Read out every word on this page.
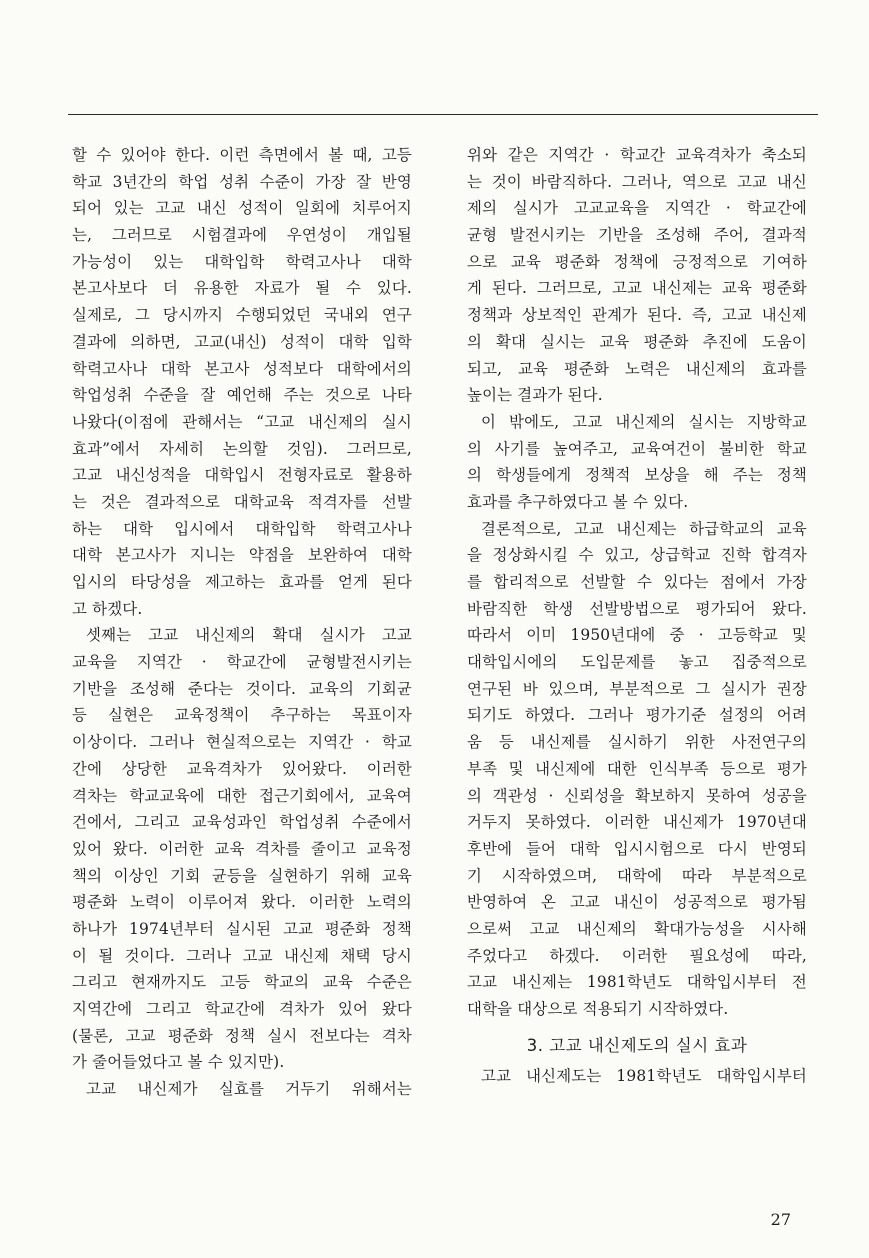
할 수 있어야 한다. 이런 측면에서 볼 때, 고등
학교 3년간의 학업 성취 수준이 가장 잘 반영
되어 있는 고교 내신 성적이 일회에 치루어지
는, 그러므로 시험결과에 우연성이 개입될
가능성이 있는 대학입학 학력고사나 대학
본고사보다 더 유용한 자료가 될 수 있다.
실제로, 그 당시까지 수행되었던 국내외 연구
결과에 의하면, 고교(내신) 성적이 대학 입학
학력고사나 대학 본고사 성적보다 대학에서의
학업성취 수준을 잘 예언해 주는 것으로 나타
나왔다(이점에 관해서는 “고교 내신제의 실시
효과”에서 자세히 논의할 것임). 그러므로,
고교 내신성적을 대학입시 전형자료로 활용하
는 것은 결과적으로 대학교육 적격자를 선발
하는 대학 입시에서 대학입학 학력고사나
대학 본고사가 지니는 약점을 보완하여 대학
입시의 타당성을 제고하는 효과를 얻게 된다
고 하겠다.
셋째는 고교 내신제의 확대 실시가 고교
교육을 지역간 · 학교간에 균형발전시키는
기반을 조성해 준다는 것이다. 교육의 기회균
등 실현은 교육정책이 추구하는 목표이자
이상이다. 그러나 현실적으로는 지역간 · 학교
간에 상당한 교육격차가 있어왔다. 이러한
격차는 학교교육에 대한 접근기회에서, 교육여
건에서, 그리고 교육성과인 학업성취 수준에서
있어 왔다. 이러한 교육 격차를 줄이고 교육정
책의 이상인 기회 균등을 실현하기 위해 교육
평준화 노력이 이루어져 왔다. 이러한 노력의
하나가 1974년부터 실시된 고교 평준화 정책
이 될 것이다. 그러나 고교 내신제 채택 당시
그리고 현재까지도 고등 학교의 교육 수준은
지역간에 그리고 학교간에 격차가 있어 왔다
(물론, 고교 평준화 정책 실시 전보다는 격차
가 줄어들었다고 볼 수 있지만).
고교 내신제가 실효를 거두기 위해서는
위와 같은 지역간 · 학교간 교육격차가 축소되
는 것이 바람직하다. 그러나, 역으로 고교 내신
제의 실시가 고교교육을 지역간 · 학교간에
균형 발전시키는 기반을 조성해 주어, 결과적
으로 교육 평준화 정책에 긍정적으로 기여하
게 된다. 그러므로, 고교 내신제는 교육 평준화
정책과 상보적인 관계가 된다. 즉, 고교 내신제
의 확대 실시는 교육 평준화 추진에 도움이
되고, 교육 평준화 노력은 내신제의 효과를
높이는 결과가 된다.
이 밖에도, 고교 내신제의 실시는 지방학교
의 사기를 높여주고, 교육여건이 불비한 학교
의 학생들에게 정책적 보상을 해 주는 정책
효과를 추구하였다고 볼 수 있다.
결론적으로, 고교 내신제는 하급학교의 교육
을 정상화시킬 수 있고, 상급학교 진학 합격자
를 합리적으로 선발할 수 있다는 점에서 가장
바람직한 학생 선발방법으로 평가되어 왔다.
따라서 이미 1950년대에 중 · 고등학교 및
대학입시에의 도입문제를 놓고 집중적으로
연구된 바 있으며, 부분적으로 그 실시가 권장
되기도 하였다. 그러나 평가기준 설정의 어려
움 등 내신제를 실시하기 위한 사전연구의
부족 및 내신제에 대한 인식부족 등으로 평가
의 객관성 · 신뢰성을 확보하지 못하여 성공을
거두지 못하였다. 이러한 내신제가 1970년대
후반에 들어 대학 입시시험으로 다시 반영되
기 시작하였으며, 대학에 따라 부분적으로
반영하여 온 고교 내신이 성공적으로 평가됨
으로써 고교 내신제의 확대가능성을 시사해
주었다고 하겠다. 이러한 필요성에 따라,
고교 내신제는 1981학년도 대학입시부터 전
대학을 대상으로 적용되기 시작하였다.
3. 고교 내신제도의 실시 효과
고교 내신제도는 1981학년도 대학입시부터
27
